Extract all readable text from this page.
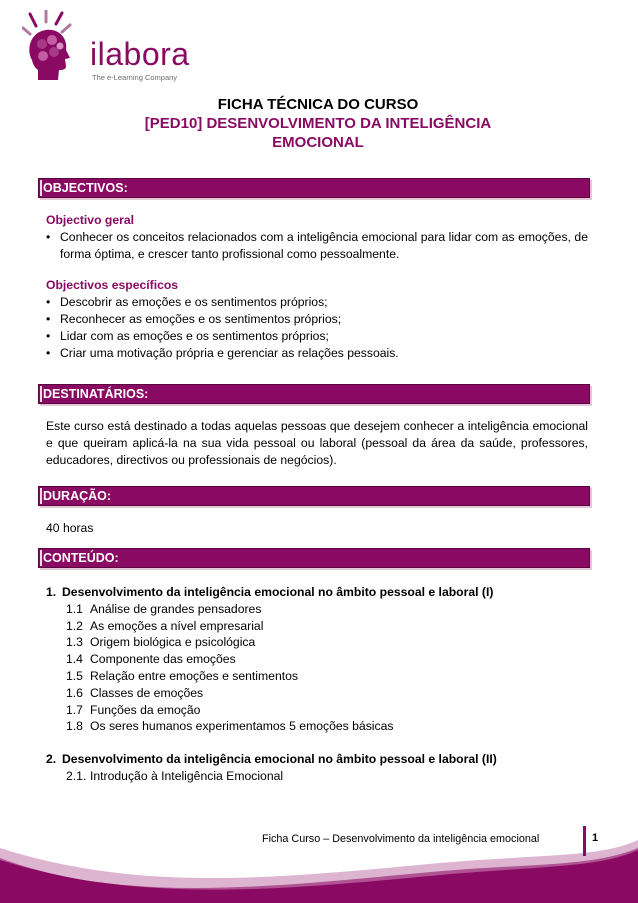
ilabora
The e-Learning Company
FICHA TÉCNICA DO CURSO
[PED10] DESENVOLVIMENTO DA INTELIGÊNCIA
EMOCIONAL
OBJECTIVOS:
Objectivo geral
• Conhecer os conceitos relacionados com a inteligência emocional para lidar com as emoções, de forma óptima, e crescer tanto profissional como pessoalmente.
Objectivos específicos
• Descobrir as emoções e os sentimentos próprios;
• Reconhecer as emoções e os sentimentos próprios;
• Lidar com as emoções e os sentimentos próprios;
• Criar uma motivação própria e gerenciar as relações pessoais.
DESTINATÁRIOS:
Este curso está destinado a todas aquelas pessoas que desejem conhecer a inteligência emocional e que queiram aplicá-la na sua vida pessoal ou laboral (pessoal da área da saúde, professores, educadores, directivos ou professionais de negócios).
DURAÇÃO:
40 horas
CONTEÚDO:
1. Desenvolvimento da inteligência emocional no âmbito pessoal e laboral (I)
1.1 Análise de grandes pensadores
1.2 As emoções a nível empresarial
1.3 Origem biológica e psicológica
1.4 Componente das emoções
1.5 Relação entre emoções e sentimentos
1.6 Classes de emoções
1.7 Funções da emoção
1.8 Os seres humanos experimentamos 5 emoções básicas
2. Desenvolvimento da inteligência emocional no âmbito pessoal e laboral (II)
2.1. Introdução à Inteligência Emocional
Ficha Curso – Desenvolvimento da inteligência emocional	1
